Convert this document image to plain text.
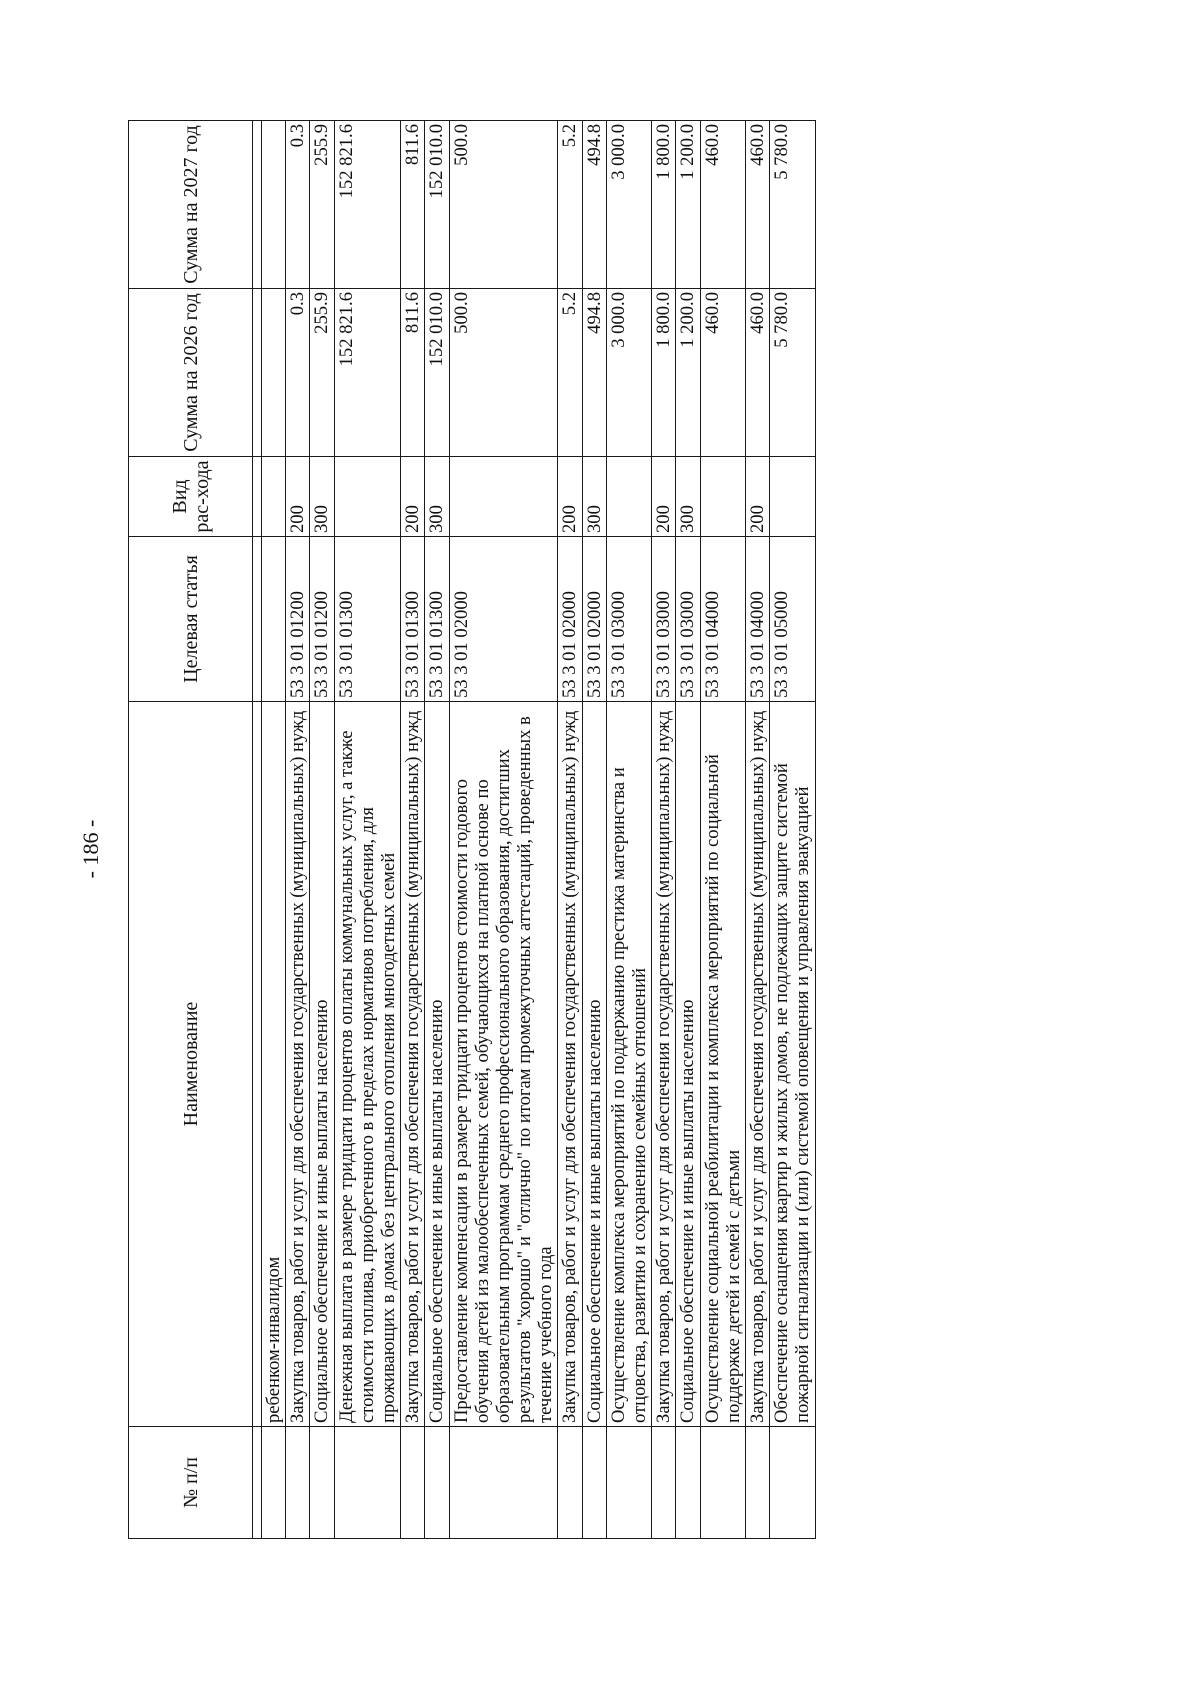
- 186 -
№ п/п	Наименование	Целевая статья	Вид рас-хода	Сумма на 2026 год	Сумма на 2027 год

	ребенком-инвалидом				
	Закупка товаров, работ и услуг для обеспечения государственных (муниципальных) нужд	53 3 01 01200	200	0.3	0.3
	Социальное обеспечение и иные выплаты населению	53 3 01 01200	300	255.9	255.9
	Денежная выплата в размере тридцати процентов оплаты коммунальных услуг, а также стоимости топлива, приобретенного в пределах нормативов потребления, для проживающих в домах без центрального отопления многодетных семей	53 3 01 01300		152 821.6	152 821.6
	Закупка товаров, работ и услуг для обеспечения государственных (муниципальных) нужд	53 3 01 01300	200	811.6	811.6
	Социальное обеспечение и иные выплаты населению	53 3 01 01300	300	152 010.0	152 010.0
	Предоставление компенсации в размере тридцати процентов стоимости годового обучения детей из малообеспеченных семей, обучающихся на платной основе по образовательным программам среднего профессионального образования, достигших результатов "хорошо" и "отлично" по итогам промежуточных аттестаций, проведенных в течение учебного года	53 3 01 02000		500.0	500.0
	Закупка товаров, работ и услуг для обеспечения государственных (муниципальных) нужд	53 3 01 02000	200	5.2	5.2
	Социальное обеспечение и иные выплаты населению	53 3 01 02000	300	494.8	494.8
	Осуществление комплекса мероприятий по поддержанию престижа материнства и отцовства, развитию и сохранению семейных отношений	53 3 01 03000		3 000.0	3 000.0
	Закупка товаров, работ и услуг для обеспечения государственных (муниципальных) нужд	53 3 01 03000	200	1 800.0	1 800.0
	Социальное обеспечение и иные выплаты населению	53 3 01 03000	300	1 200.0	1 200.0
	Осуществление социальной реабилитации и комплекса мероприятий по социальной поддержке детей и семей с детьми	53 3 01 04000		460.0	460.0
	Закупка товаров, работ и услуг для обеспечения государственных (муниципальных) нужд	53 3 01 04000	200	460.0	460.0
	Обеспечение оснащения квартир и жилых домов, не подлежащих защите системой пожарной сигнализации и (или) системой оповещения и управления эвакуацией	53 3 01 05000		5 780.0	5 780.0
